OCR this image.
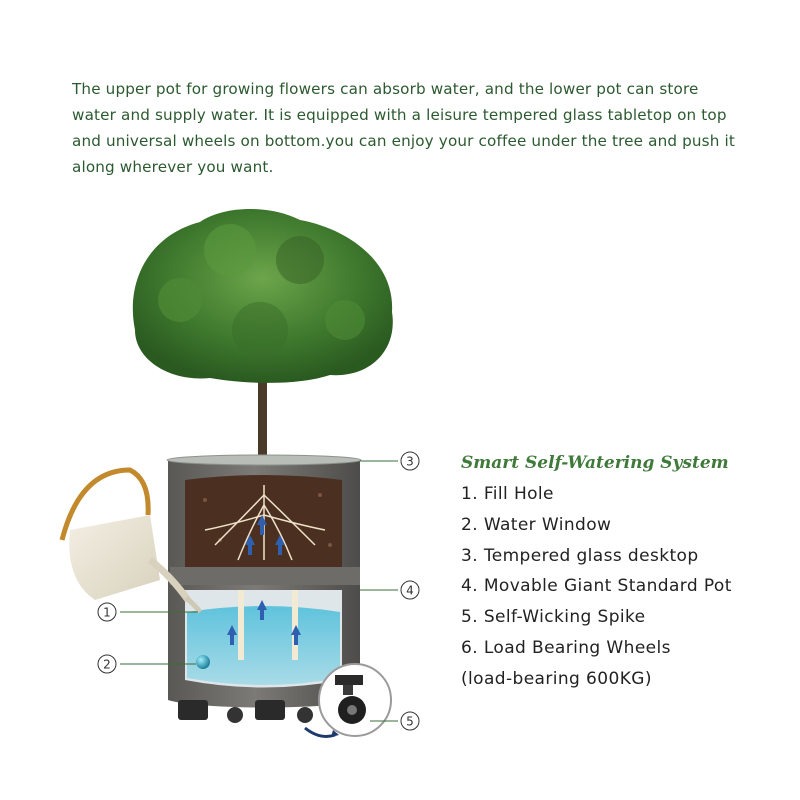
The upper pot for growing flowers can absorb water, and the lower pot can store
water and supply water. It is equipped with a leisure tempered glass tabletop on top
and universal wheels on bottom.you can enjoy your coffee under the tree and push it
along wherever you want.
3
1
4
2
5
Smart Self-Watering System
1. Fill Hole
2. Water Window
3. Tempered glass desktop
4. Movable Giant Standard Pot
5. Self-Wicking Spike
6. Load Bearing Wheels
(load-bearing 600KG)
